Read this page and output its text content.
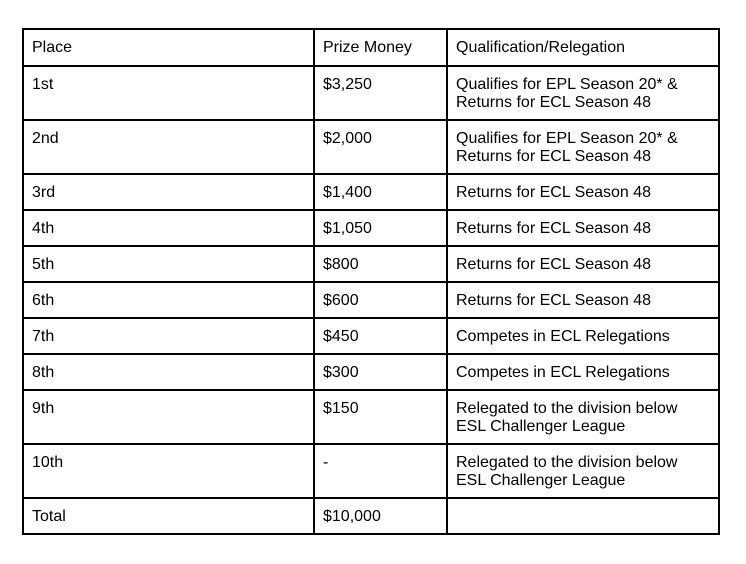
Place	Prize Money	Qualification/Relegation
1st	$3,250	Qualifies for EPL Season 20* &
Returns for ECL Season 48

2nd	$2,000	Qualifies for EPL Season 20* &
Returns for ECL Season 48

3rd	$1,400	Returns for ECL Season 48

4th	$1,050	Returns for ECL Season 48

5th	$800	Returns for ECL Season 48

6th	$600	Returns for ECL Season 48

7th	$450	Competes in ECL Relegations

8th	$300	Competes in ECL Relegations

9th	$150	Relegated to the division below
ESL Challenger League

10th	-	Relegated to the division below
ESL Challenger League

Total	$10,000	
